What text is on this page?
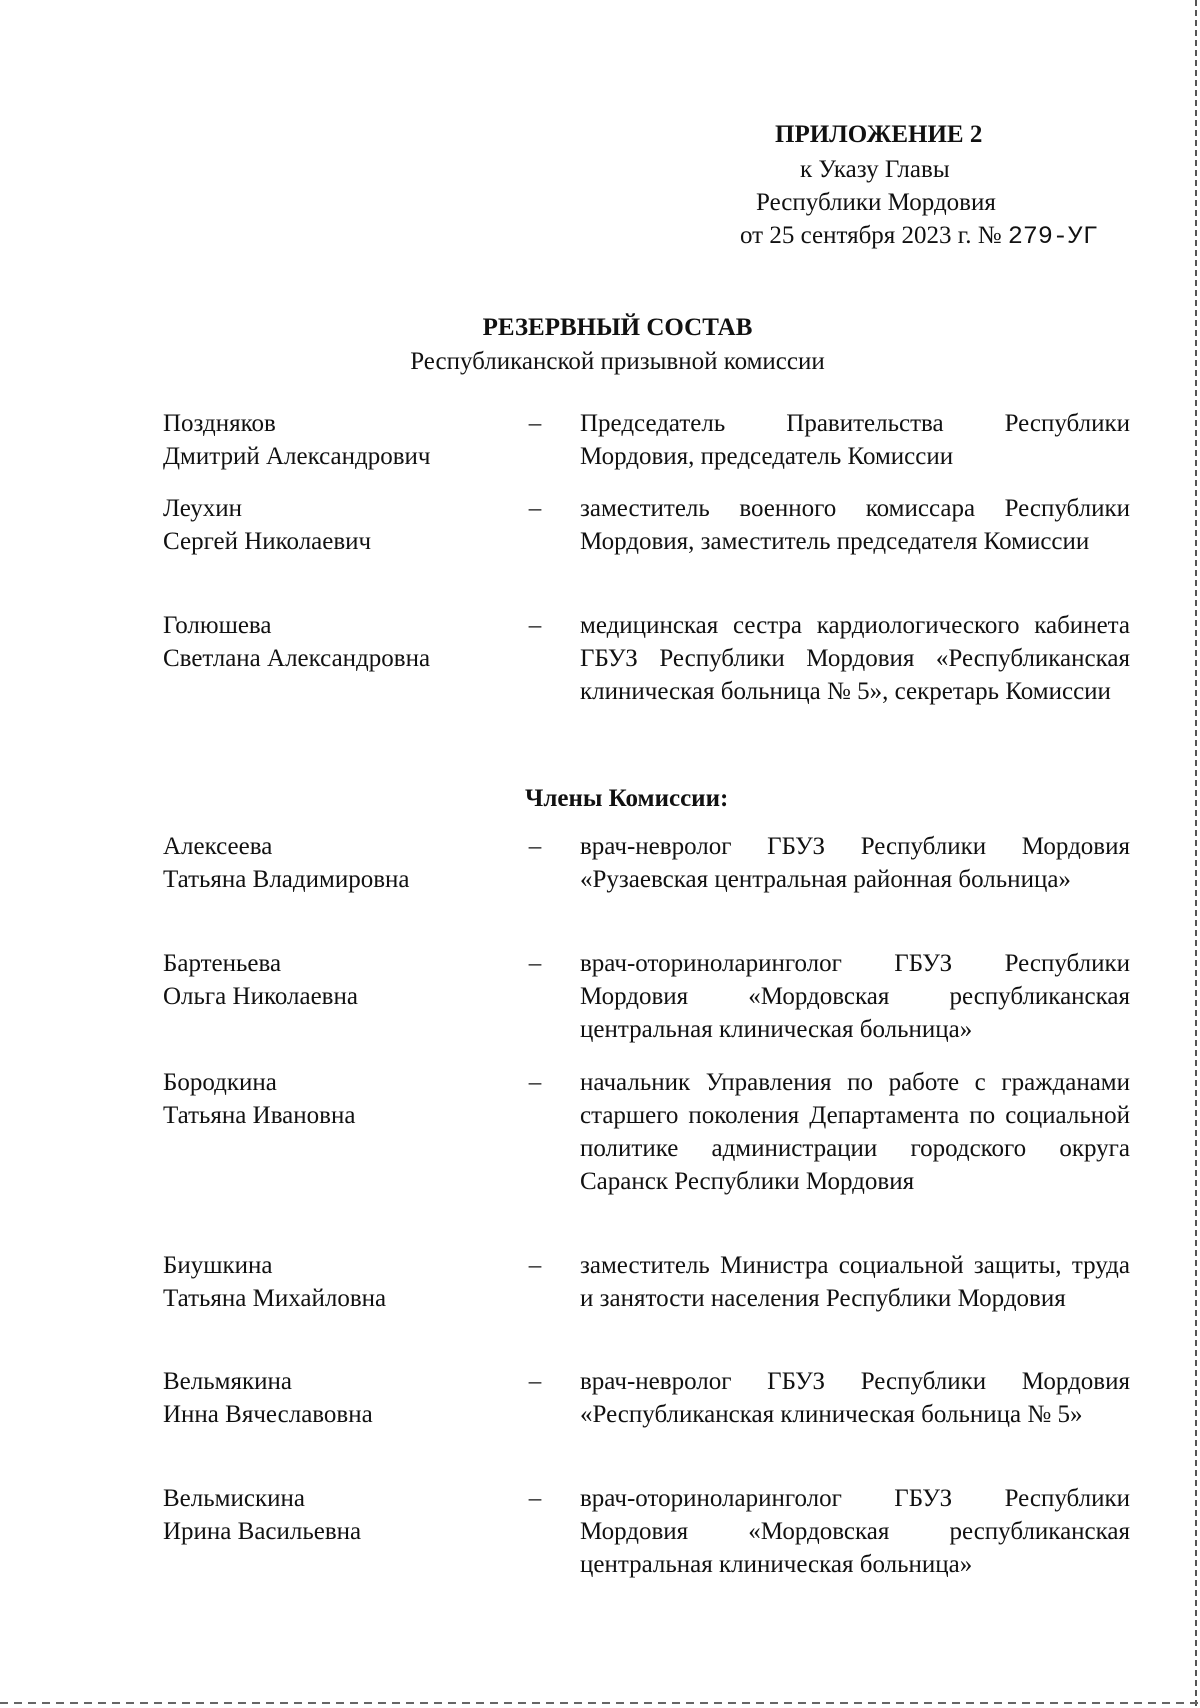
ПРИЛОЖЕНИЕ 2
к Указу Главы
Республики Мордовия
от 25 сентября 2023 г. № 279-УГ
РЕЗЕРВНЫЙ СОСТАВ
Республиканской призывной комиссии
Поздняков
Дмитрий Александрович
– Председатель Правительства Республики Мордовия, председатель Комиссии
Леухин
Сергей Николаевич
– заместитель военного комиссара Республики Мордовия, заместитель председателя Комиссии
Голюшева
Светлана Александровна
– медицинская сестра кардиологического кабинета ГБУЗ Республики Мордовия «Республиканская клиническая больница № 5», секретарь Комиссии
Члены Комиссии:
Алексеева
Татьяна Владимировна
– врач-невролог ГБУЗ Республики Мордовия «Рузаевская центральная районная больница»
Бартеньева
Ольга Николаевна
– врач-оториноларинголог ГБУЗ Республики Мордовия «Мордовская республиканская центральная клиническая больница»
Бородкина
Татьяна Ивановна
– начальник Управления по работе с гражданами старшего поколения Департамента по социальной политике администрации городского округа Саранск Республики Мордовия
Биушкина
Татьяна Михайловна
– заместитель Министра социальной защиты, труда и занятости населения Республики Мордовия
Вельмякина
Инна Вячеславовна
– врач-невролог ГБУЗ Республики Мордовия «Республиканская клиническая больница № 5»
Вельмискина
Ирина Васильевна
– врач-оториноларинголог ГБУЗ Республики Мордовия «Мордовская республиканская центральная клиническая больница»
